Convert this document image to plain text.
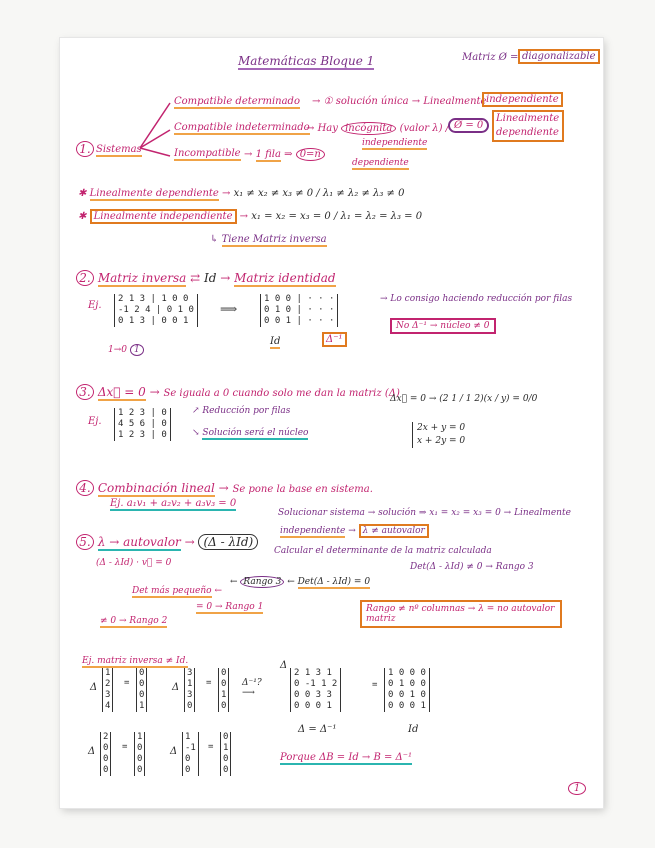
Matemáticas Bloque 1	Matriz Ø = diagonalizable
1. Sistemas
Compatible determinado → ① solución única → Linealmente independiente
Compatible indeterminado
→ Hay incógnita (valor λ) / Ø = 0
Linealmente dependiente
Incompatible → 1 fila ⇒ 0=n
independiente
dependiente
✱ Linealmente dependiente → x₁ ≠ x₂ ≠ x₃ ≠ 0 / λ₁ ≠ λ₂ ≠ λ₃ ≠ 0
✱ Linealmente independiente → x₁ = x₂ = x₃ = 0 / λ₁ = λ₂ = λ₃ = 0
↳ Tiene Matriz inversa
2. Matriz inversa ⇄ Id → Matriz identidad
Ej.
2 1 3 | 1 0 0
-1 2 4 | 0 1 0
0 1 3 | 0 0 1
⟹
1 0 0 | · · ·
0 1 0 | · · ·
0 0 1 | · · ·
Id	Δ⁻¹
1→0 1
→ Lo consigo haciendo reducción por filas
No Δ⁻¹ → núcleo ≠ 0
3. Δx⃗ = 0 → Se iguala a 0 cuando solo me dan la matriz (Δ)
Ej.
1 2 3 | 0
4 5 6 | 0
1 2 3 | 0
↗ Reducción por filas
↘ Solución será el núcleo
Δx⃗ = 0 → (2 1 / 1 2)(x / y) = 0/0
2x + y = 0
x + 2y = 0
4. Combinación lineal → Se pone la base en sistema.
Ej. a₁v₁ + a₂v₂ + a₃v₃ = 0
5. λ → autovalor → (Δ - λId)
(Δ - λId) · v⃗ = 0
Solucionar sistema → solución ⇒ x₁ = x₂ = x₃ = 0 → Linealmente
independiente → λ ≠ autovalor
Calcular el determinante de la matriz calculada
← Rango 3 ← Det(Δ - λId) = 0
Det(Δ - λId) ≠ 0 → Rango 3
Det más pequeño ←
= 0 → Rango 1
≠ 0 → Rango 2
Rango ≠ nº columnas → λ = no autovalor matriz
Ej. matriz inversa ≠ Id.
Δ
1
2
3
4
=
0
0
0
1
Δ
3
1
3
0
=
0
0
1
0
Δ⁻¹?
⟶
Δ
2 1 3 1
0 -1 1 2
0 0 3 3
0 0 0 1
=
1 0 0 0
0 1 0 0
0 0 1 0
0 0 0 1
Δ = Δ⁻¹	Id
Δ
2
0
0
0
=
1
0
0
0
Δ
1
-1
0
0
=
0
1
0
0
Porque ΔB = Id → B = Δ⁻¹
1
